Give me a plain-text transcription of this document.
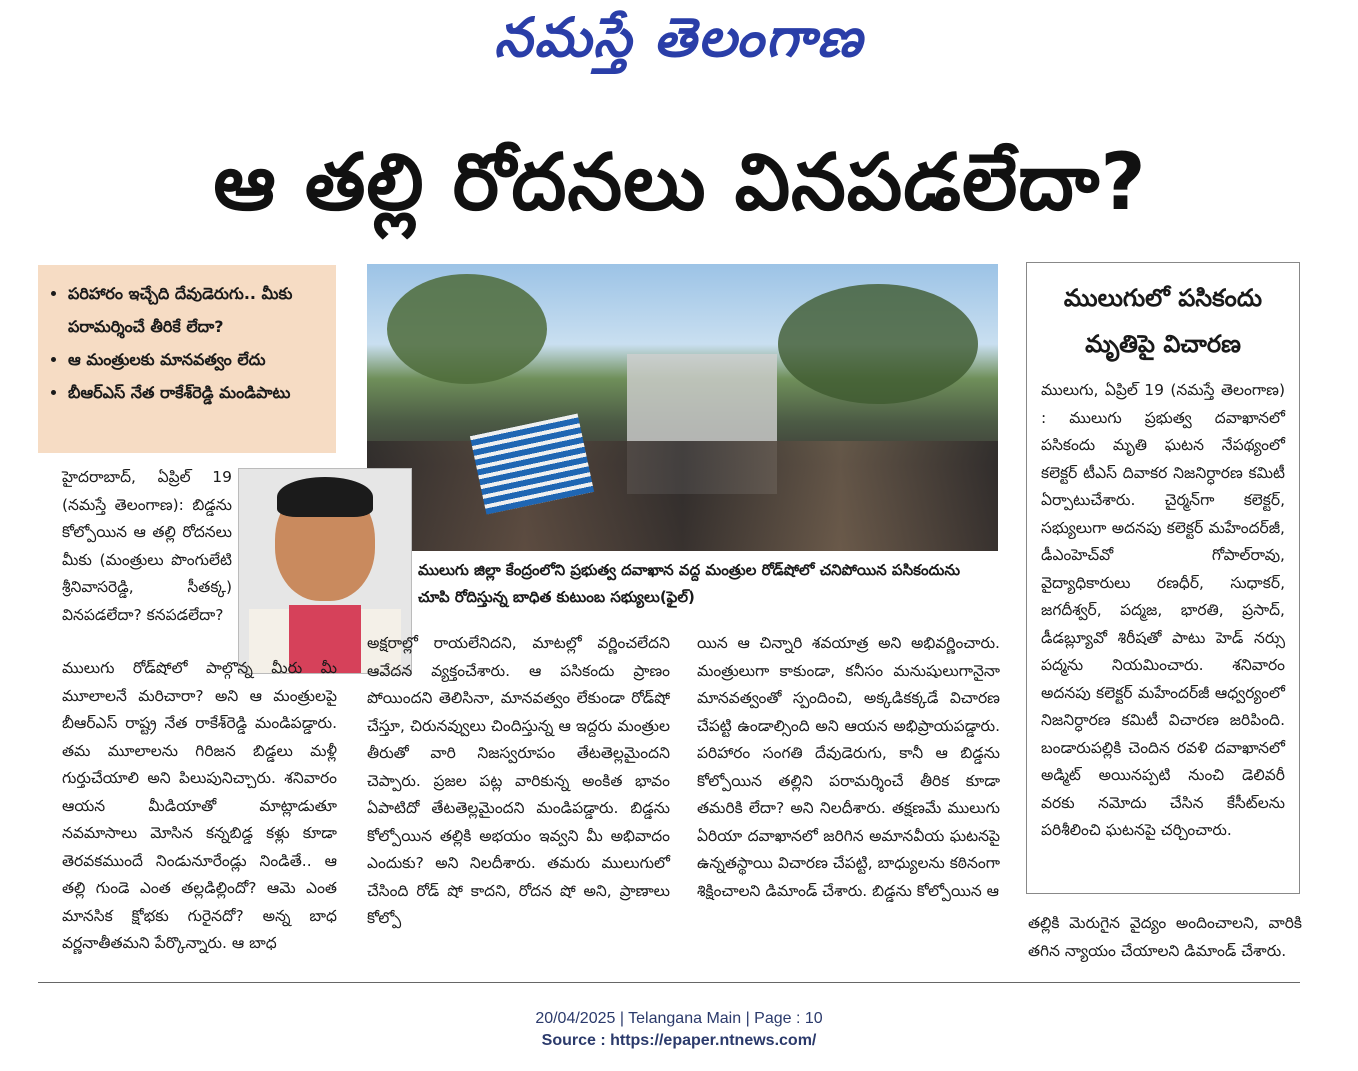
నమస్తే తెలంగాణ
ఆ తల్లి రోదనలు వినపడలేదా?
• పరిహారం ఇచ్చేది దేవుడెరుగు.. మీకు పరామర్శించే తీరికే లేదా?
• ఆ మంత్రులకు మానవత్వం లేదు
• బీఆర్ఎస్ నేత రాకేశ్‌రెడ్డి మండిపాటు
ములుగు జిల్లా కేంద్రంలోని ప్రభుత్వ దవాఖాన వద్ద మంత్రుల రోడ్‌షోలో చనిపోయిన పసికందును చూపి రోదిస్తున్న బాధిత కుటుంబ సభ్యులు(ఫైల్)
హైదరాబాద్, ఏప్రిల్ 19 (నమస్తే తెలంగాణ): బిడ్డను కోల్పోయిన ఆ తల్లి రోదనలు మీకు (మంత్రులు పొంగులేటి శ్రీనివాసరెడ్డి, సీతక్క) వినపడలేదా? కనపడలేదా?
ములుగు రోడ్‌షోలో పాల్గొన్న మీరు మీ మూలాలనే మరిచారా? అని ఆ మంత్రులపై బీఆర్ఎస్ రాష్ట్ర నేత రాకేశ్‌రెడ్డి మండిపడ్డారు. తమ మూలాలను గిరిజన బిడ్డలు మళ్లీ గుర్తుచేయాలి అని పిలుపునిచ్చారు. శనివారం ఆయన మీడియాతో మాట్లాడుతూ నవమాసాలు మోసిన కన్నబిడ్డ కళ్లు కూడా తెరవకముందే నిండునూరేండ్లు నిండితే.. ఆ తల్లి గుండె ఎంత తల్లడిల్లిందో? ఆమె ఎంత మానసిక క్షోభకు గురైనదో? అన్న బాధ వర్ణనాతీతమని పేర్కొన్నారు. ఆ బాధ
అక్షరాల్లో రాయలేనిదని, మాటల్లో వర్ణించలేదని ఆవేదన వ్యక్తంచేశారు. ఆ పసికందు ప్రాణం పోయిందని తెలిసినా, మానవత్వం లేకుండా రోడ్‌షో చేస్తూ, చిరునవ్వులు చిందిస్తున్న ఆ ఇద్దరు మంత్రుల తీరుతో వారి నిజస్వరూపం తేటతెల్లమైందని చెప్పారు. ప్రజల పట్ల వారికున్న అంకిత భావం ఏపాటిదో తేటతెల్లమైందని మండిపడ్డారు. బిడ్డను కోల్పోయిన తల్లికి అభయం ఇవ్వని మీ అభివాదం ఎందుకు? అని నిలదీశారు. తమరు ములుగులో చేసింది రోడ్ షో కాదని, రోదన షో అని, ప్రాణాలు కోల్పో
యిన ఆ చిన్నారి శవయాత్ర అని అభివర్ణించారు. మంత్రులుగా కాకుండా, కనీసం మనుషులుగానైనా మానవత్వంతో స్పందించి, అక్కడికక్కడే విచారణ చేపట్టి ఉండాల్సింది అని ఆయన అభిప్రాయపడ్డారు. పరిహారం సంగతి దేవుడెరుగు, కానీ ఆ బిడ్డను కోల్పోయిన తల్లిని పరామర్శించే తీరిక కూడా తమరికి లేదా? అని నిలదీశారు. తక్షణమే ములుగు ఏరియా దవాఖానలో జరిగిన అమానవీయ ఘటనపై ఉన్నతస్థాయి విచారణ చేపట్టి, బాధ్యులను కఠినంగా శిక్షించాలని డిమాండ్ చేశారు. బిడ్డను కోల్పోయిన ఆ
ములుగులో పసికందు
మృతిపై విచారణ
ములుగు, ఏప్రిల్ 19 (నమస్తే తెలంగాణ) : ములుగు ప్రభుత్వ దవాఖానలో పసికందు మృతి ఘటన నేపథ్యంలో కలెక్టర్ టీఎస్ దివాకర నిజనిర్ధారణ కమిటీ ఏర్పాటుచేశారు. చైర్మన్‌గా కలెక్టర్, సభ్యులుగా అదనపు కలెక్టర్ మహేందర్‌జీ, డీఎంహెచ్‌వో గోపాల్‌రావు, వైద్యాధికారులు రణధీర్, సుధాకర్, జగదీశ్వర్, పద్మజ, భారతి, ప్రసాద్, డీడబ్ల్యూవో శిరీషతో పాటు హెడ్ నర్సు పద్మను నియమించారు. శనివారం అదనపు కలెక్టర్ మహేందర్‌జీ ఆధ్వర్యంలో నిజనిర్ధారణ కమిటీ విచారణ జరిపింది. బండారుపల్లికి చెందిన రవళి దవాఖానలో అడ్మిట్ అయినప్పటి నుంచి డెలివరీ వరకు నమోదు చేసిన కేసీట్‌లను పరిశీలించి ఘటనపై చర్చించారు.
తల్లికి మెరుగైన వైద్యం అందించాలని, వారికి తగిన న్యాయం చేయాలని డిమాండ్ చేశారు.
20/04/2025 | Telangana Main | Page : 10
Source : https://epaper.ntnews.com/
